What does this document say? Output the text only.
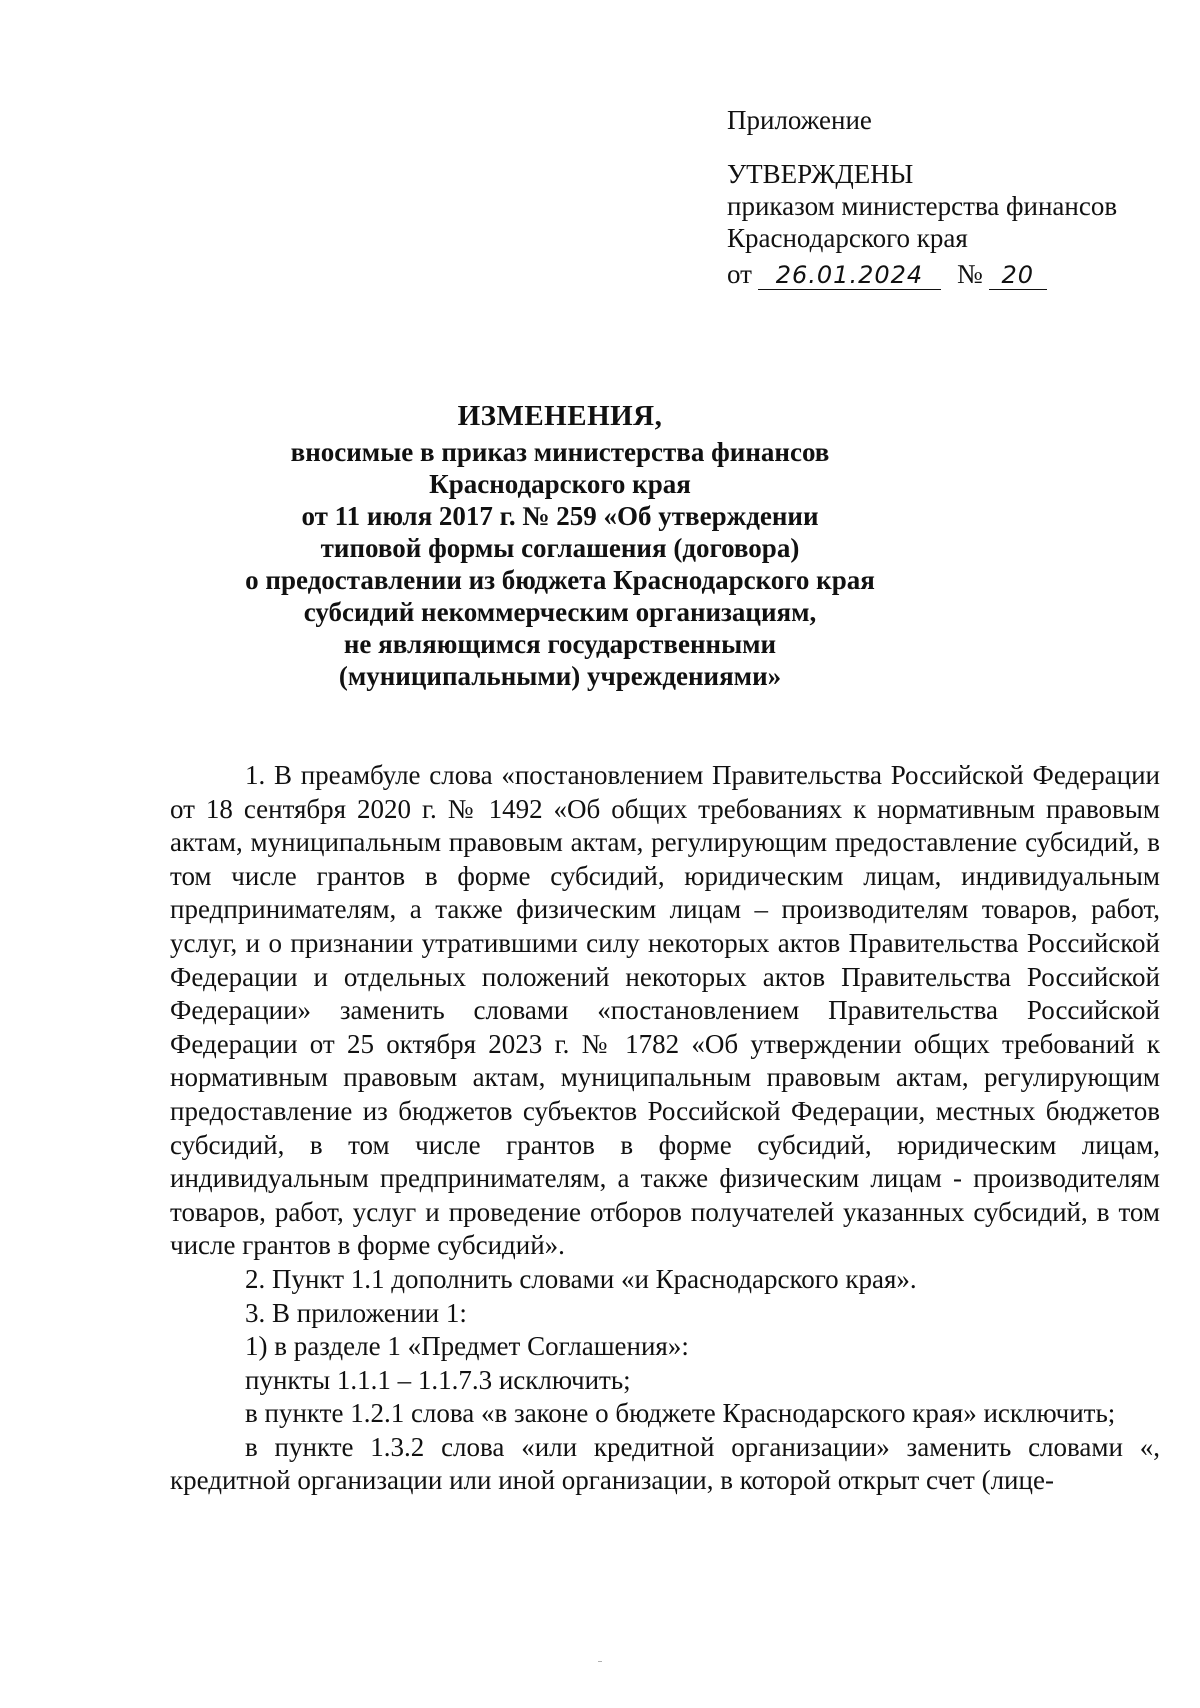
Приложение

УТВЕРЖДЕНЫ

приказом министерства финансов

Краснодарского края

от 26.01.2024	№ 20

ИЗМЕНЕНИЯ,

вносимые в приказ министерства финансов

Краснодарского края

от 11 июля 2017 г. № 259 «Об утверждении

типовой формы соглашения (договора)

о предоставлении из бюджета Краснодарского края

субсидий некоммерческим организациям,

не являющимся государственными

(муниципальными) учреждениями»

1. В преамбуле слова «постановлением Правительства Российской Федерации от 18 сентября 2020 г. № 1492 «Об общих требованиях к нормативным правовым актам, муниципальным правовым актам, регулирующим предоставление субсидий, в том числе грантов в форме субсидий, юридическим лицам, индивидуальным предпринимателям, а также физическим лицам – производителям товаров, работ, услуг, и о признании утратившими силу некоторых актов Правительства Российской Федерации и отдельных положений некоторых актов Правительства Российской Федерации» заменить словами «постановлением Правительства Российской Федерации от 25 октября 2023 г. № 1782 «Об утверждении общих требований к нормативным правовым актам, муниципальным правовым актам, регулирующим предоставление из бюджетов субъектов Российской Федерации, местных бюджетов субсидий, в том числе грантов в форме субсидий, юридическим лицам, индивидуальным предпринимателям, а также физическим лицам - производителям товаров, работ, услуг и проведение отборов получателей указанных субсидий, в том числе грантов в форме субсидий».

2. Пункт 1.1 дополнить словами «и Краснодарского края».

3. В приложении 1:

1) в разделе 1 «Предмет Соглашения»:

пункты 1.1.1 – 1.1.7.3 исключить;

в пункте 1.2.1 слова «в законе о бюджете Краснодарского края» исключить;

в пункте 1.3.2 слова «или кредитной организации» заменить словами «, кредитной организации или иной организации, в которой открыт счет (лице-
